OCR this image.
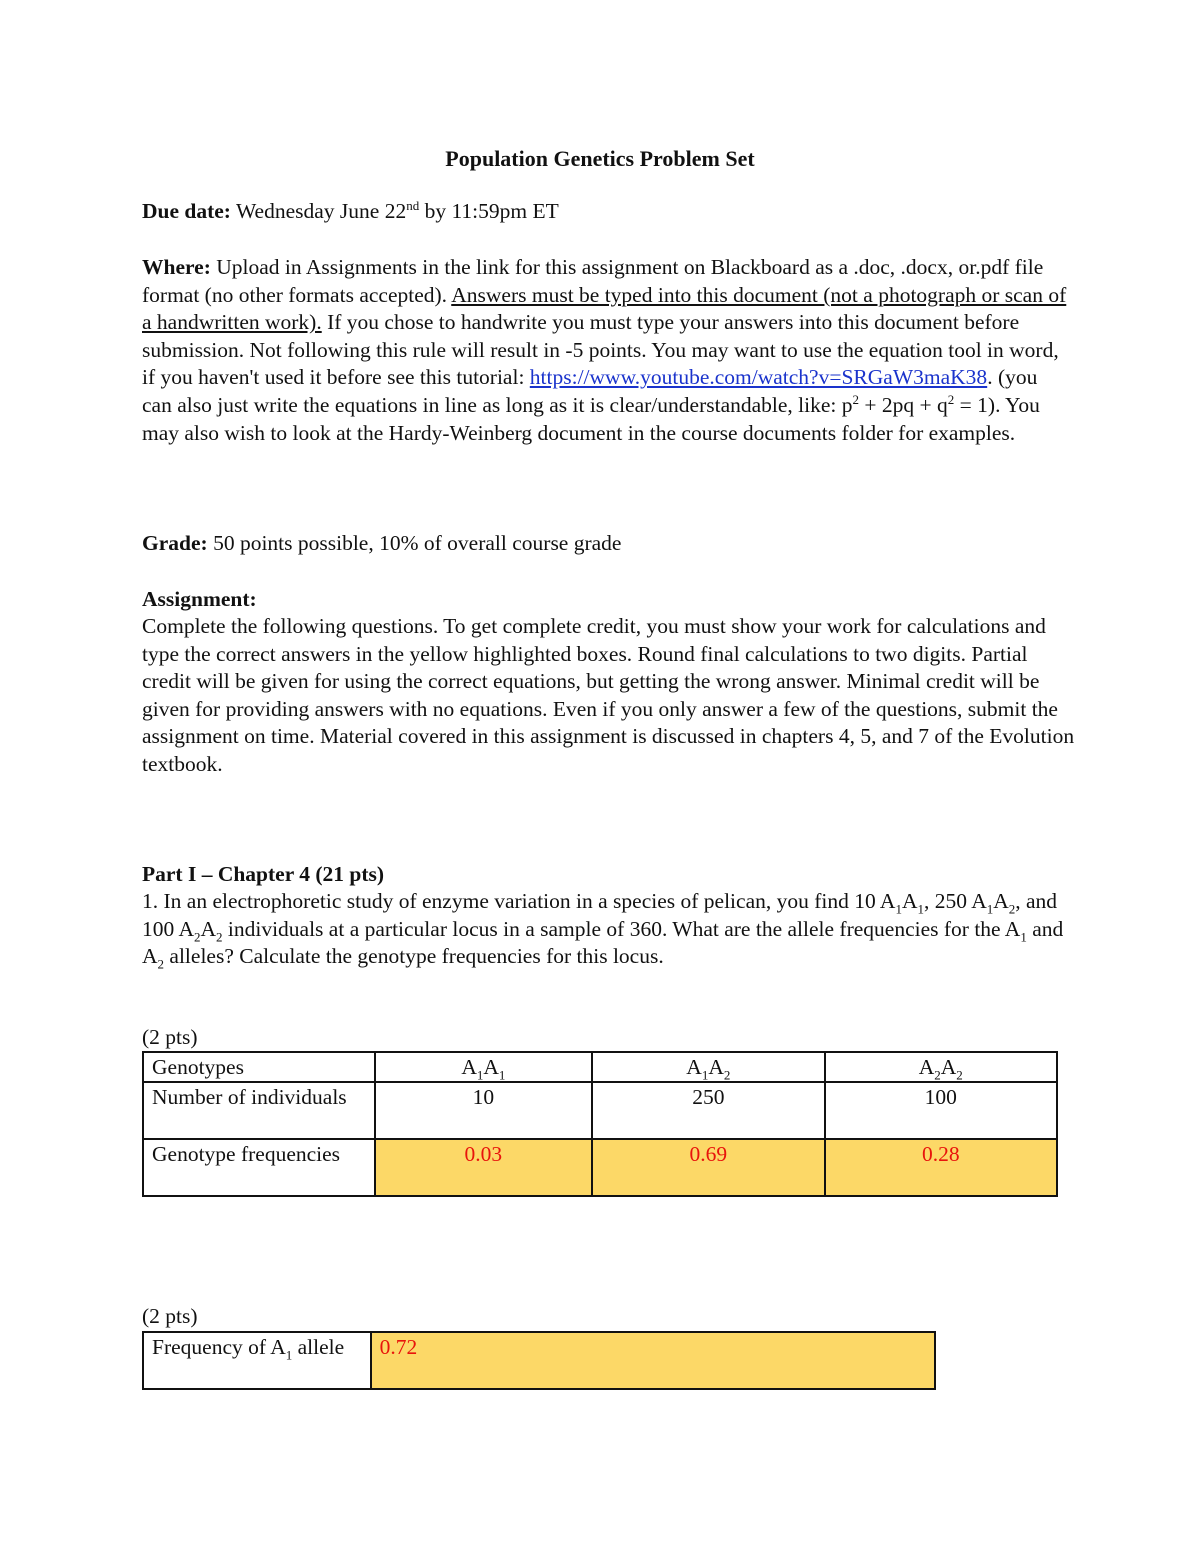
Population Genetics Problem Set

Due date: Wednesday June 22nd by 11:59pm ET

Where: Upload in Assignments in the link for this assignment on Blackboard as a .doc, .docx, or.pdf file format (no other formats accepted). Answers must be typed into this document (not a photograph or scan of a handwritten work). If you chose to handwrite you must type your answers into this document before submission. Not following this rule will result in -5 points. You may want to use the equation tool in word, if you haven't used it before see this tutorial: https://www.youtube.com/watch?v=SRGaW3maK38. (you can also just write the equations in line as long as it is clear/understandable, like: $p^2 + 2pq + q^2 = 1$). You may also wish to look at the Hardy-Weinberg document in the course documents folder for examples.

Grade: 50 points possible, 10% of overall course grade

Assignment:

Complete the following questions. To get complete credit, you must show your work for calculations and type the correct answers in the yellow highlighted boxes. Round final calculations to two digits. Partial credit will be given for using the correct equations, but getting the wrong answer. Minimal credit will be given for providing answers with no equations. Even if you only answer a few of the questions, submit the assignment on time. Material covered in this assignment is discussed in chapters 4, 5, and 7 of the Evolution textbook.

Part I – Chapter 4 (21 pts)

1. In an electrophoretic study of enzyme variation in a species of pelican, you find 10 $A_1A_1$, 250 $A_1A_2$, and 100 $A_2A_2$ individuals at a particular locus in a sample of 360. What are the allele frequencies for the $A_1$ and $A_2$ alleles? Calculate the genotype frequencies for this locus.

(2 pts)

Genotypes	$A_1A_1$	$A_1A_2$	$A_2A_2$
Number of individuals	10	250	100
Genotype frequencies	0.03	0.69	0.28

(2 pts)

Frequency of $A_1$ allele	0.72
